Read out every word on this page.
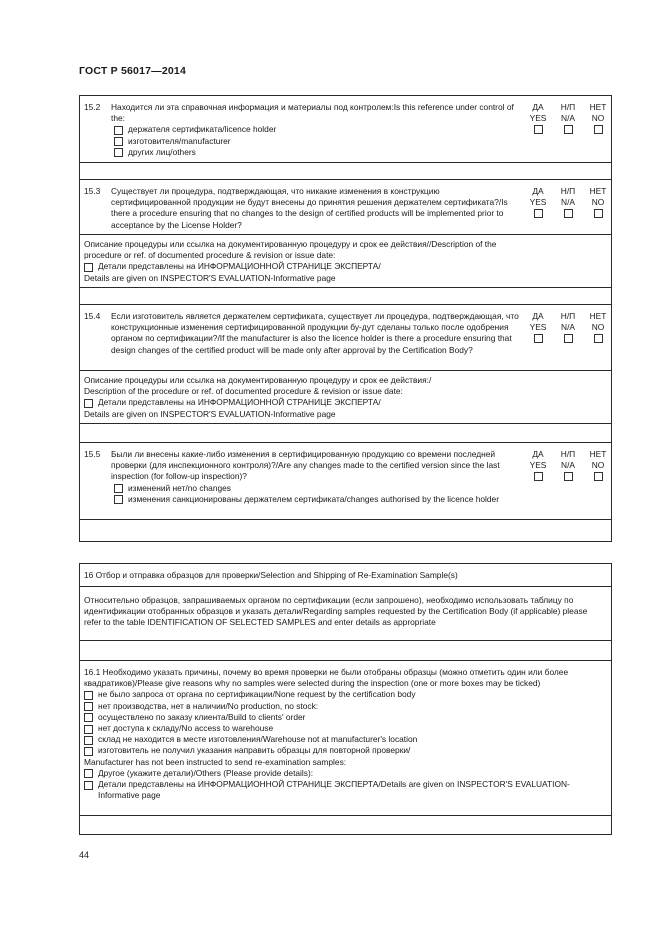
ГОСТ Р 56017—2014
15.2 Находится ли эта справочная информация и материалы под контролем:Is this reference under control of the:
держателя сертификата/licence holder
изготовителя/manufacturer
других лиц/others
ДА
YES
Н/П
N/A
НЕТ
NO
15.3 Существует ли процедура, подтверждающая, что никакие изменения в конструкцию сертифицированной продукции не будут внесены до принятия решения держателем сертификата?/Is there a procedure ensuring that no changes to the design of certified products will be implemented prior to acceptance by the License Holder?
ДА
YES
Н/П
N/A
НЕТ
NO
Описание процедуры или ссылка на документированную процедуру и срок ее действия//Description of the
procedure or ref. of documented procedure & revision or issue date:
Детали представлены на ИНФОРМАЦИОННОЙ СТРАНИЦЕ ЭКСПЕРТА/
Details are given on INSPECTOR'S EVALUATION-Informative page
15.4 Если изготовитель является держателем сертификата, существует ли процедура, подтверждающая, что конструкционные изменения сертифицированной продукции бу-дут сделаны только после одобрения органом по сертификации?/If the manufacturer is also the licence holder is there a procedure ensuring that design changes of the certified product will be made only after approval by the Certification Body?
ДА
YES
Н/П
N/A
НЕТ
NO
Описание процедуры или ссылка на документированную процедуру и срок ее действия:/
Description of the procedure or ref. of documented procedure & revision or issue date:
Детали представлены на ИНФОРМАЦИОННОЙ СТРАНИЦЕ ЭКСПЕРТА/
Details are given on INSPECTOR'S EVALUATION-Informative page
15.5 Были ли внесены какие-либо изменения в сертифицированную продукцию со времени последней проверки (для инспекционного контроля)?/Are any changes made to the certified version since the last inspection (for follow-up inspection)?
изменений нет/no changes
изменения санкционированы держателем сертификата/changes authorised by the licence holder
ДА
YES
Н/П
N/A
НЕТ
NO
16 Отбор и отправка образцов для проверки/Selection and Shipping of Re-Examination Sample(s)
Относительно образцов, запрашиваемых органом по сертификации (если запрошено), необходимо использовать таблицу по идентификации отобранных образцов и указать детали/Regarding samples requested by the Certification Body (if applicable) please refer to the table IDENTIFICATION OF SELECTED SAMPLES and enter details as appropriate
16.1 Необходимо указать причины, почему во время проверки не были отобраны образцы (можно отметить один или более квадратиков)/Please give reasons why no samples were selected during the inspection (one or more boxes may be ticked)
не было запроса от органа по сертификации/None request by the certification body
нет производства, нет в наличии/No production, no stock:
осуществлено по заказу клиента/Build to clients' order
нет доступа к складу/No access to warehouse
склад не находится в месте изготовления/Warehouse not at manufacturer's location
изготовитель не получил указания направить образцы для повторной проверки/
Manufacturer has not been instructed to send re-examination samples:
Другое (укажите детали)/Others (Please provide details):
Детали представлены на ИНФОРМАЦИОННОЙ СТРАНИЦЕ ЭКСПЕРТА/Details are given on INSPECTOR'S EVALUATION-Informative page
44
